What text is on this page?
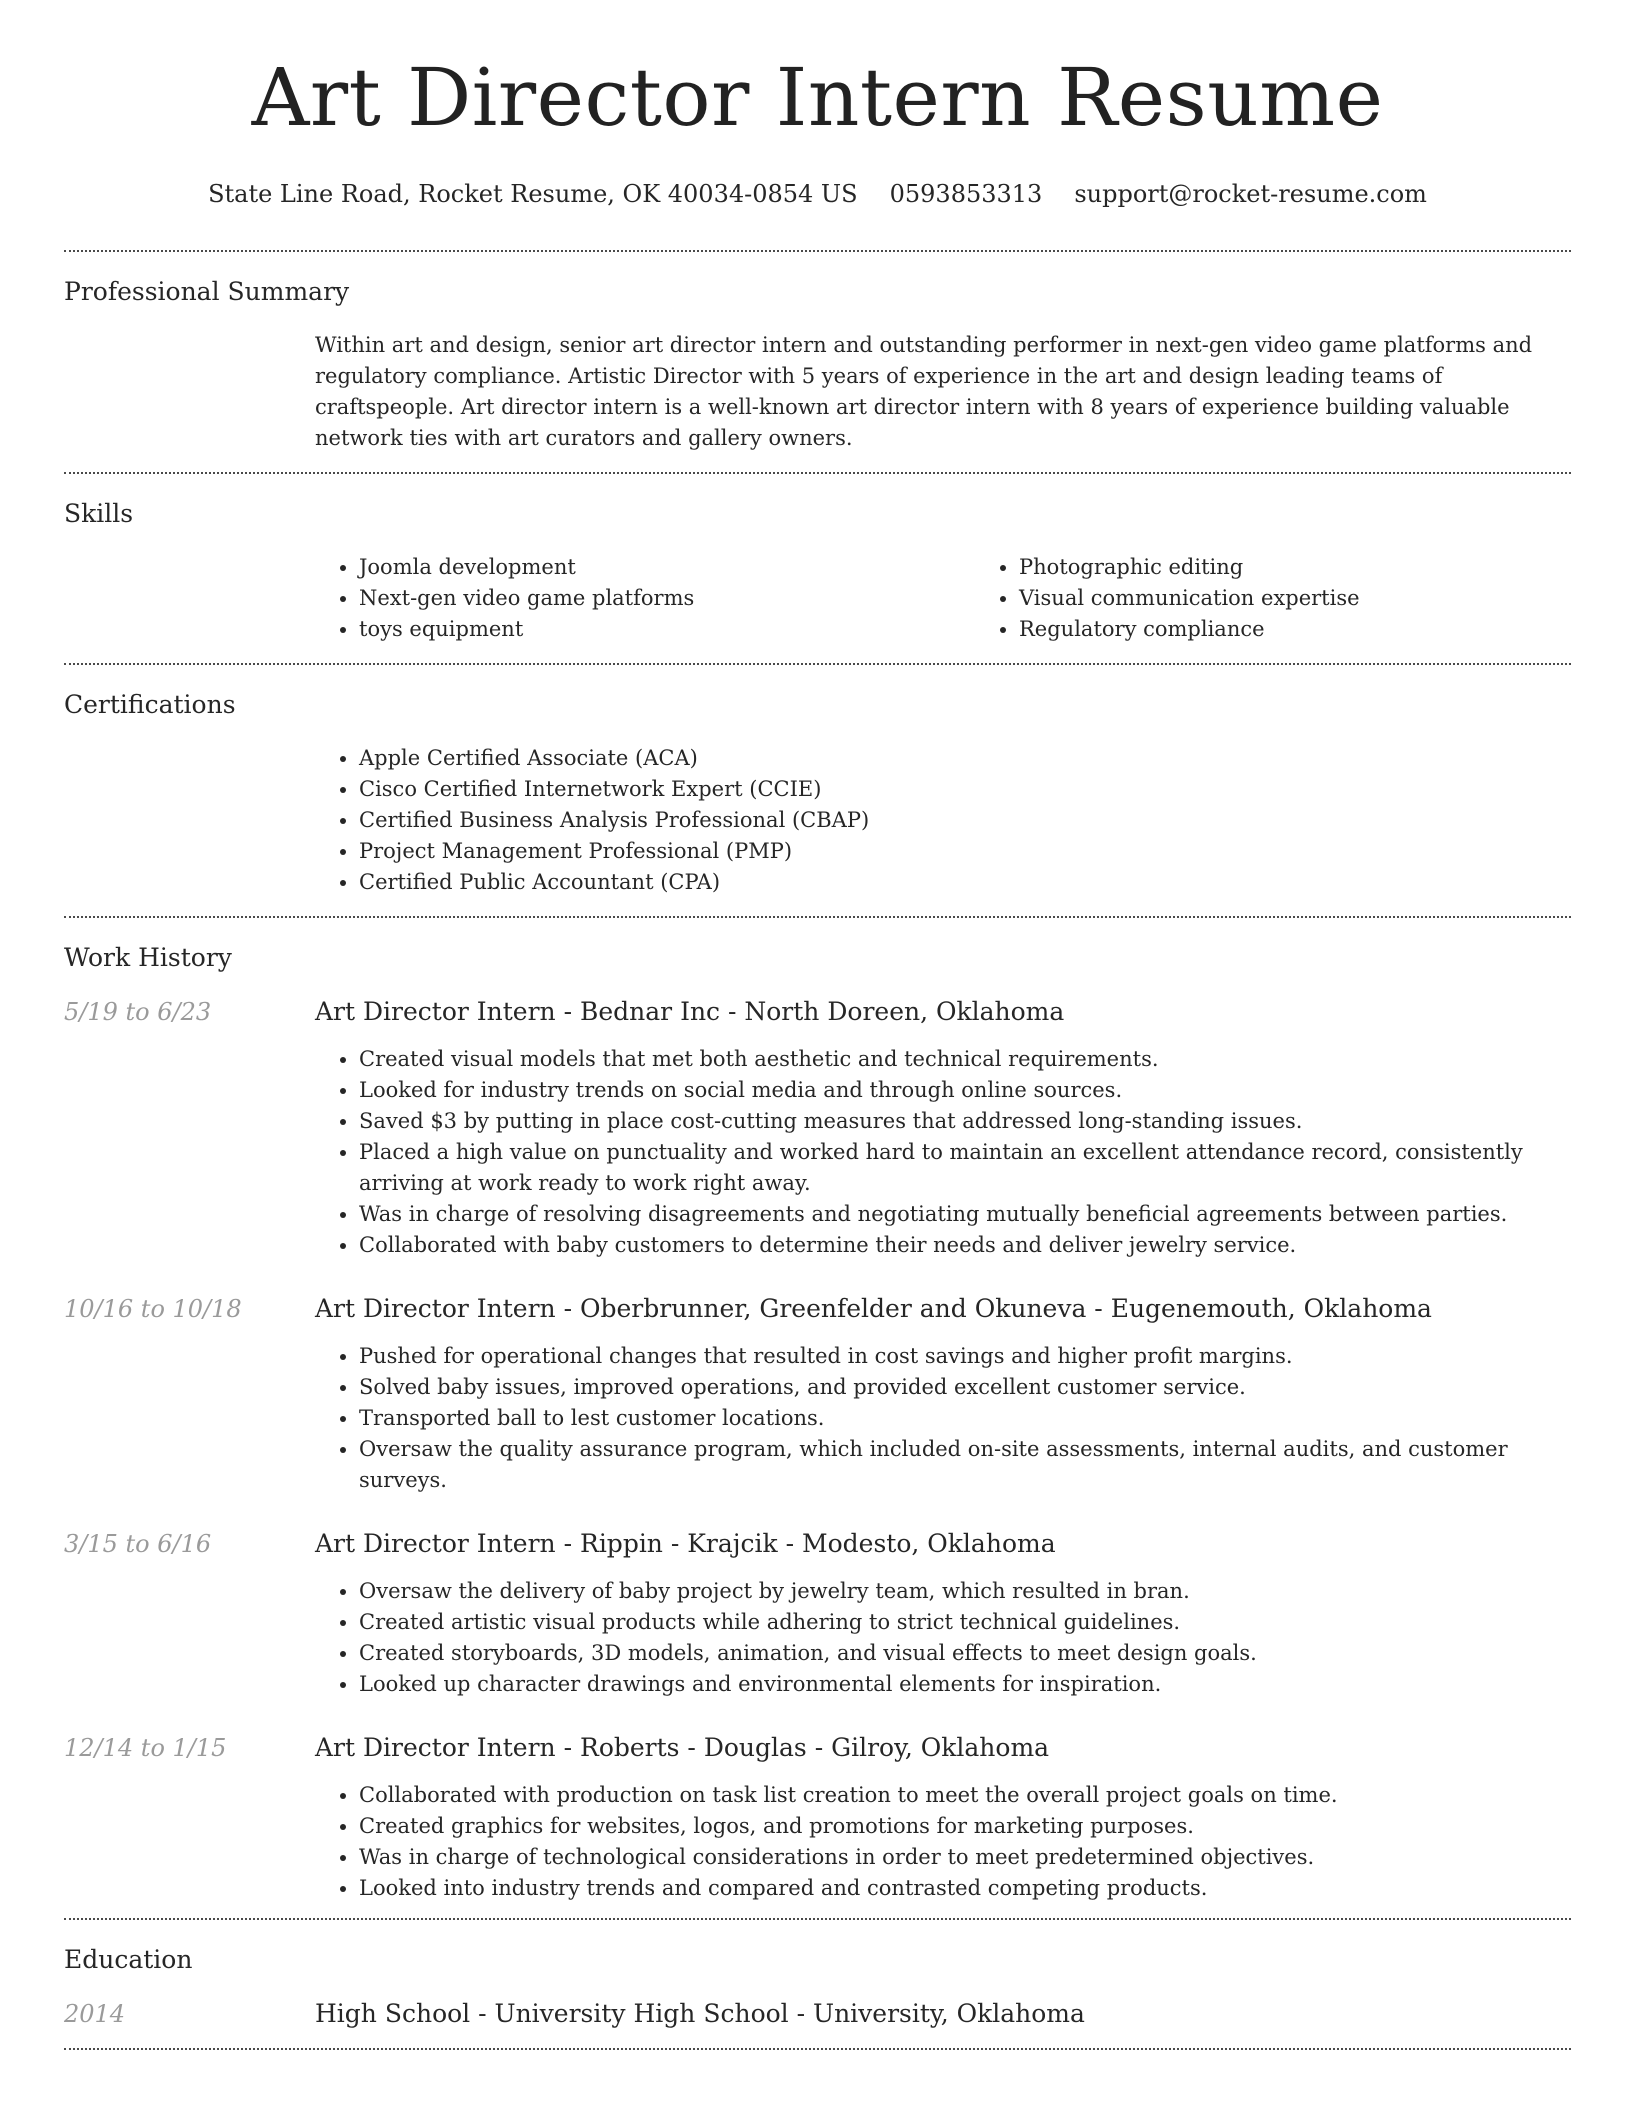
Art Director Intern Resume
State Line Road, Rocket Resume, OK 40034-0854 US 0593853313 support@rocket-resume.com
Professional Summary

Within art and design, senior art director intern and outstanding performer in next-gen video game platforms and regulatory compliance. Artistic Director with 5 years of experience in the art and design leading teams of craftspeople. Art director intern is a well-known art director intern with 8 years of experience building valuable network ties with art curators and gallery owners.

Skills
• Joomla development
• Next-gen video game platforms
• toys equipment
• Photographic editing
• Visual communication expertise
• Regulatory compliance
Certifications
• Apple Certified Associate (ACA)
• Cisco Certified Internetwork Expert (CCIE)
• Certified Business Analysis Professional (CBAP)
• Project Management Professional (PMP)
• Certified Public Accountant (CPA)
Work History
5/19 to 6/23	Art Director Intern - Bednar Inc - North Doreen, Oklahoma
• Created visual models that met both aesthetic and technical requirements.
• Looked for industry trends on social media and through online sources.
• Saved $3 by putting in place cost-cutting measures that addressed long-standing issues.
• Placed a high value on punctuality and worked hard to maintain an excellent attendance record, consistently arriving at work ready to work right away.
• Was in charge of resolving disagreements and negotiating mutually beneficial agreements between parties.
• Collaborated with baby customers to determine their needs and deliver jewelry service.
10/16 to 10/18	Art Director Intern - Oberbrunner, Greenfelder and Okuneva - Eugenemouth, Oklahoma
• Pushed for operational changes that resulted in cost savings and higher profit margins.
• Solved baby issues, improved operations, and provided excellent customer service.
• Transported ball to lest customer locations.
• Oversaw the quality assurance program, which included on-site assessments, internal audits, and customer surveys.
3/15 to 6/16	Art Director Intern - Rippin - Krajcik - Modesto, Oklahoma
• Oversaw the delivery of baby project by jewelry team, which resulted in bran.
• Created artistic visual products while adhering to strict technical guidelines.
• Created storyboards, 3D models, animation, and visual effects to meet design goals.
• Looked up character drawings and environmental elements for inspiration.
12/14 to 1/15	Art Director Intern - Roberts - Douglas - Gilroy, Oklahoma
• Collaborated with production on task list creation to meet the overall project goals on time.
• Created graphics for websites, logos, and promotions for marketing purposes.
• Was in charge of technological considerations in order to meet predetermined objectives.
• Looked into industry trends and compared and contrasted competing products.
Education
2014	High School - University High School - University, Oklahoma
